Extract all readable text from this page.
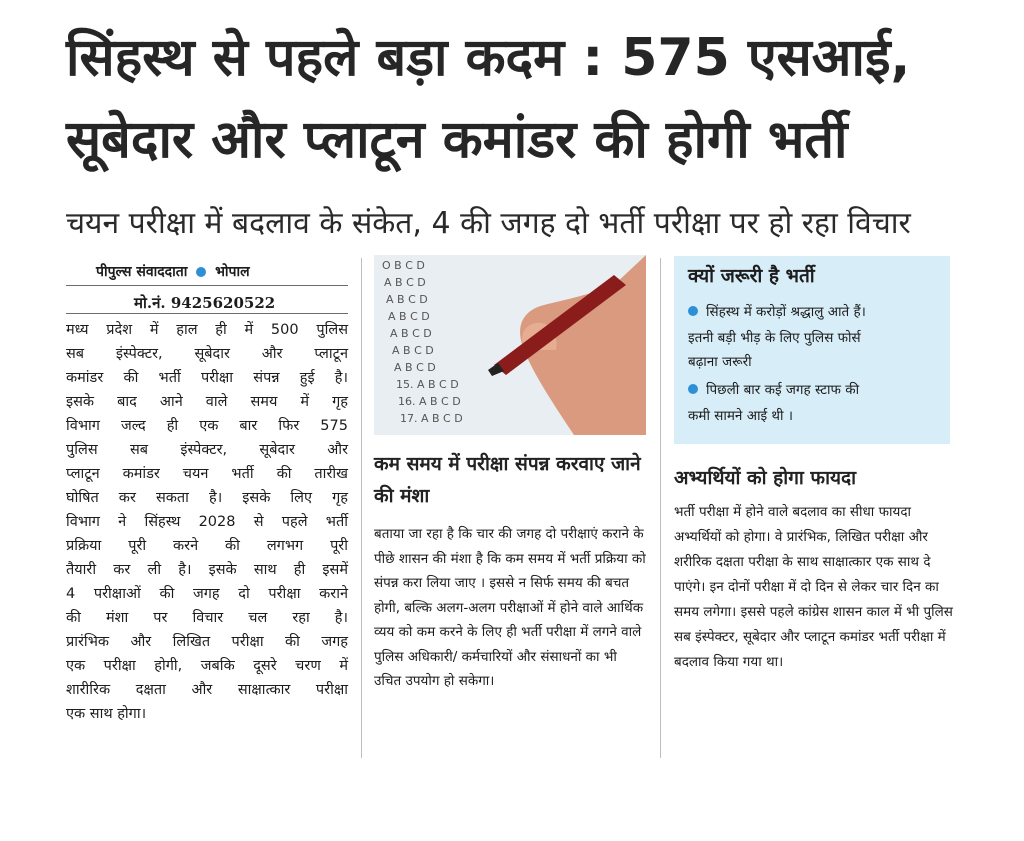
सिंहस्थ से पहले बड़ा कदम : 575 एसआई,
सूबेदार और प्लाटून कमांडर की होगी भर्ती
चयन परीक्षा में बदलाव के संकेत, 4 की जगह दो भर्ती परीक्षा पर हो रहा विचार
पीपुल्स संवाददाता भोपाल
मो.नं. 9425620522
मध्य प्रदेश में हाल ही में 500 पुलिस
सब इंस्पेक्टर, सूबेदार और प्लाटून
कमांडर की भर्ती परीक्षा संपन्न हुई है।
इसके बाद आने वाले समय में गृह
विभाग जल्द ही एक बार फिर 575
पुलिस सब इंस्पेक्टर, सूबेदार और
प्लाटून कमांडर चयन भर्ती की तारीख
घोषित कर सकता है। इसके लिए गृह
विभाग ने सिंहस्थ 2028 से पहले भर्ती
प्रक्रिया पूरी करने की लगभग पूरी
तैयारी कर ली है। इसके साथ ही इसमें
4 परीक्षाओं की जगह दो परीक्षा कराने
की मंशा पर विचार चल रहा है।
प्रारंभिक और लिखित परीक्षा की जगह
एक परीक्षा होगी, जबकि दूसरे चरण में
शारीरिक दक्षता और साक्षात्कार परीक्षा
एक साथ होगा।
O B C D
A B C D
A B C D
A B C D
A B C D
A B C D
A B C D
15. A B C D
16. A B C D
17. A B C D
कम समय में परीक्षा संपन्न करवाए जाने की मंशा
बताया जा रहा है कि चार की जगह दो परीक्षाएं कराने के पीछे शासन की मंशा है कि कम समय में भर्ती प्रक्रिया को संपन्न करा लिया जाए । इससे न सिर्फ समय की बचत होगी, बल्कि अलग-अलग परीक्षाओं में होने वाले आर्थिक व्यय को कम करने के लिए ही भर्ती परीक्षा में लगने वाले पुलिस अधिकारी/ कर्मचारियों और संसाधनों का भी उचित उपयोग हो सकेगा।
क्यों जरूरी है भर्ती
सिंहस्थ में करोड़ों श्रद्धालु आते हैं।
इतनी बड़ी भीड़ के लिए पुलिस फोर्स
बढ़ाना जरूरी
पिछली बार कई जगह स्टाफ की
कमी सामने आई थी ।
अभ्यर्थियों को होगा फायदा
भर्ती परीक्षा में होने वाले बदलाव का सीधा फायदा अभ्यर्थियों को होगा। वे प्रारंभिक, लिखित परीक्षा और शरीरिक दक्षता परीक्षा के साथ साक्षात्कार एक साथ दे पाएंगे। इन दोनों परीक्षा में दो दिन से लेकर चार दिन का समय लगेगा। इससे पहले कांग्रेस शासन काल में भी पुलिस सब इंस्पेक्टर, सूबेदार और प्लाटून कमांडर भर्ती परीक्षा में बदलाव किया गया था।
